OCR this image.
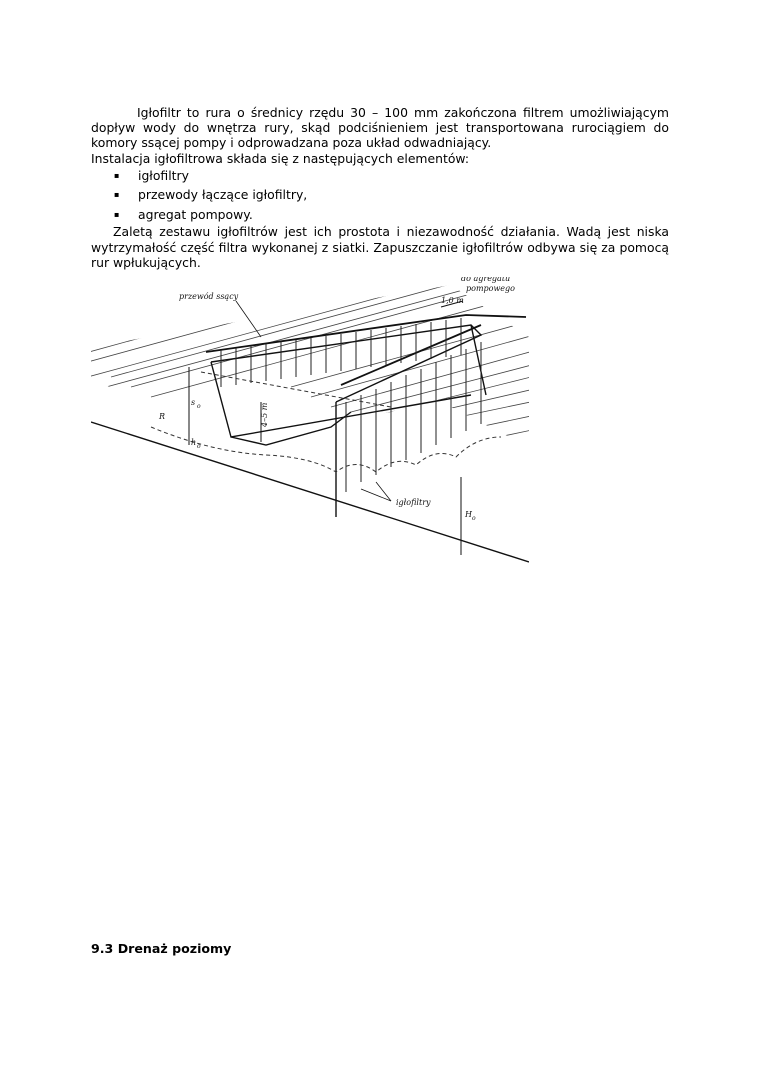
Igłofiltr to rura o średnicy rzędu 30 – 100 mm zakończona filtrem umożliwiającym dopływ wody do wnętrza rury, skąd podciśnieniem jest transportowana rurociągiem do komory ssącej pompy i odprowadzana poza układ odwadniający.

Instalacja igłofiltrowa składa się z następujących elementów:

▪ igłofiltry
▪ przewody łączące igłofiltry,
▪ agregat pompowy.

Zaletą zestawu igłofiltrów jest ich prostota i niezawodność działania. Wadą jest niska wytrzymałość część filtra wykonanej z siatki. Zapuszczanie igłofiltrów odbywa się za pomocą rur wpłukujących.

przewód ssący
do agregatu
pompowego
1,0 m
4–5 m
s o
R
h o
igłofiltry
H o
9.3 Drenaż poziomy
